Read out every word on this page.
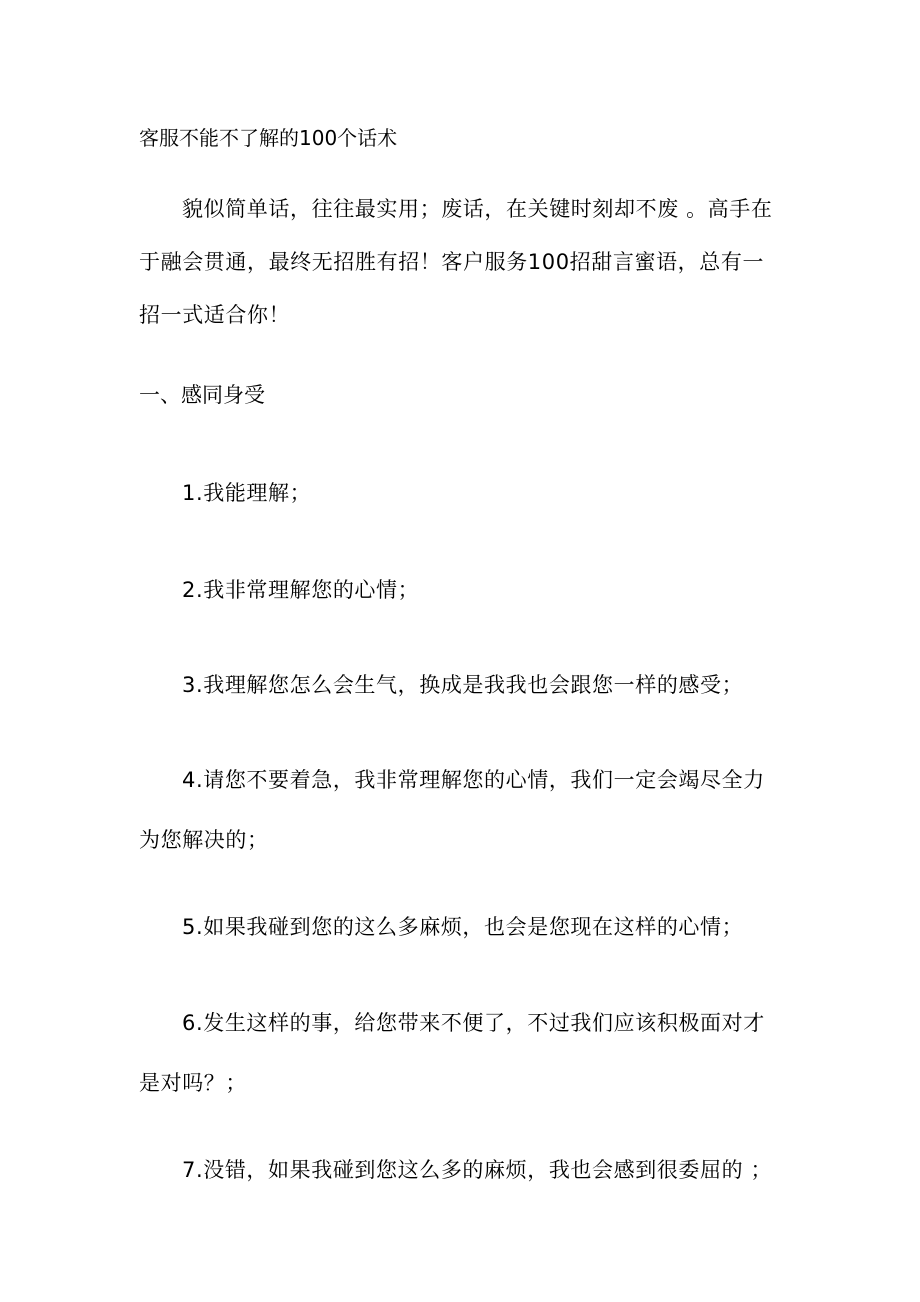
客服不能不了解的100个话术

貌似简单话，往往最实用；废话，在关键时刻却不废 。高手在于融会贯通，最终无招胜有招！客户服务100招甜言蜜语，总有一招一式适合你！

一、感同身受

1.我能理解；

2.我非常理解您的心情；

3.我理解您怎么会生气，换成是我我也会跟您一样的感受；

4.请您不要着急，我非常理解您的心情，我们一定会竭尽全力为您解决的；

5.如果我碰到您的这么多麻烦，也会是您现在这样的心情；

6.发生这样的事，给您带来不便了，不过我们应该积极面对才是对吗？；

7.没错，如果我碰到您这么多的麻烦，我也会感到很委屈的 ；
